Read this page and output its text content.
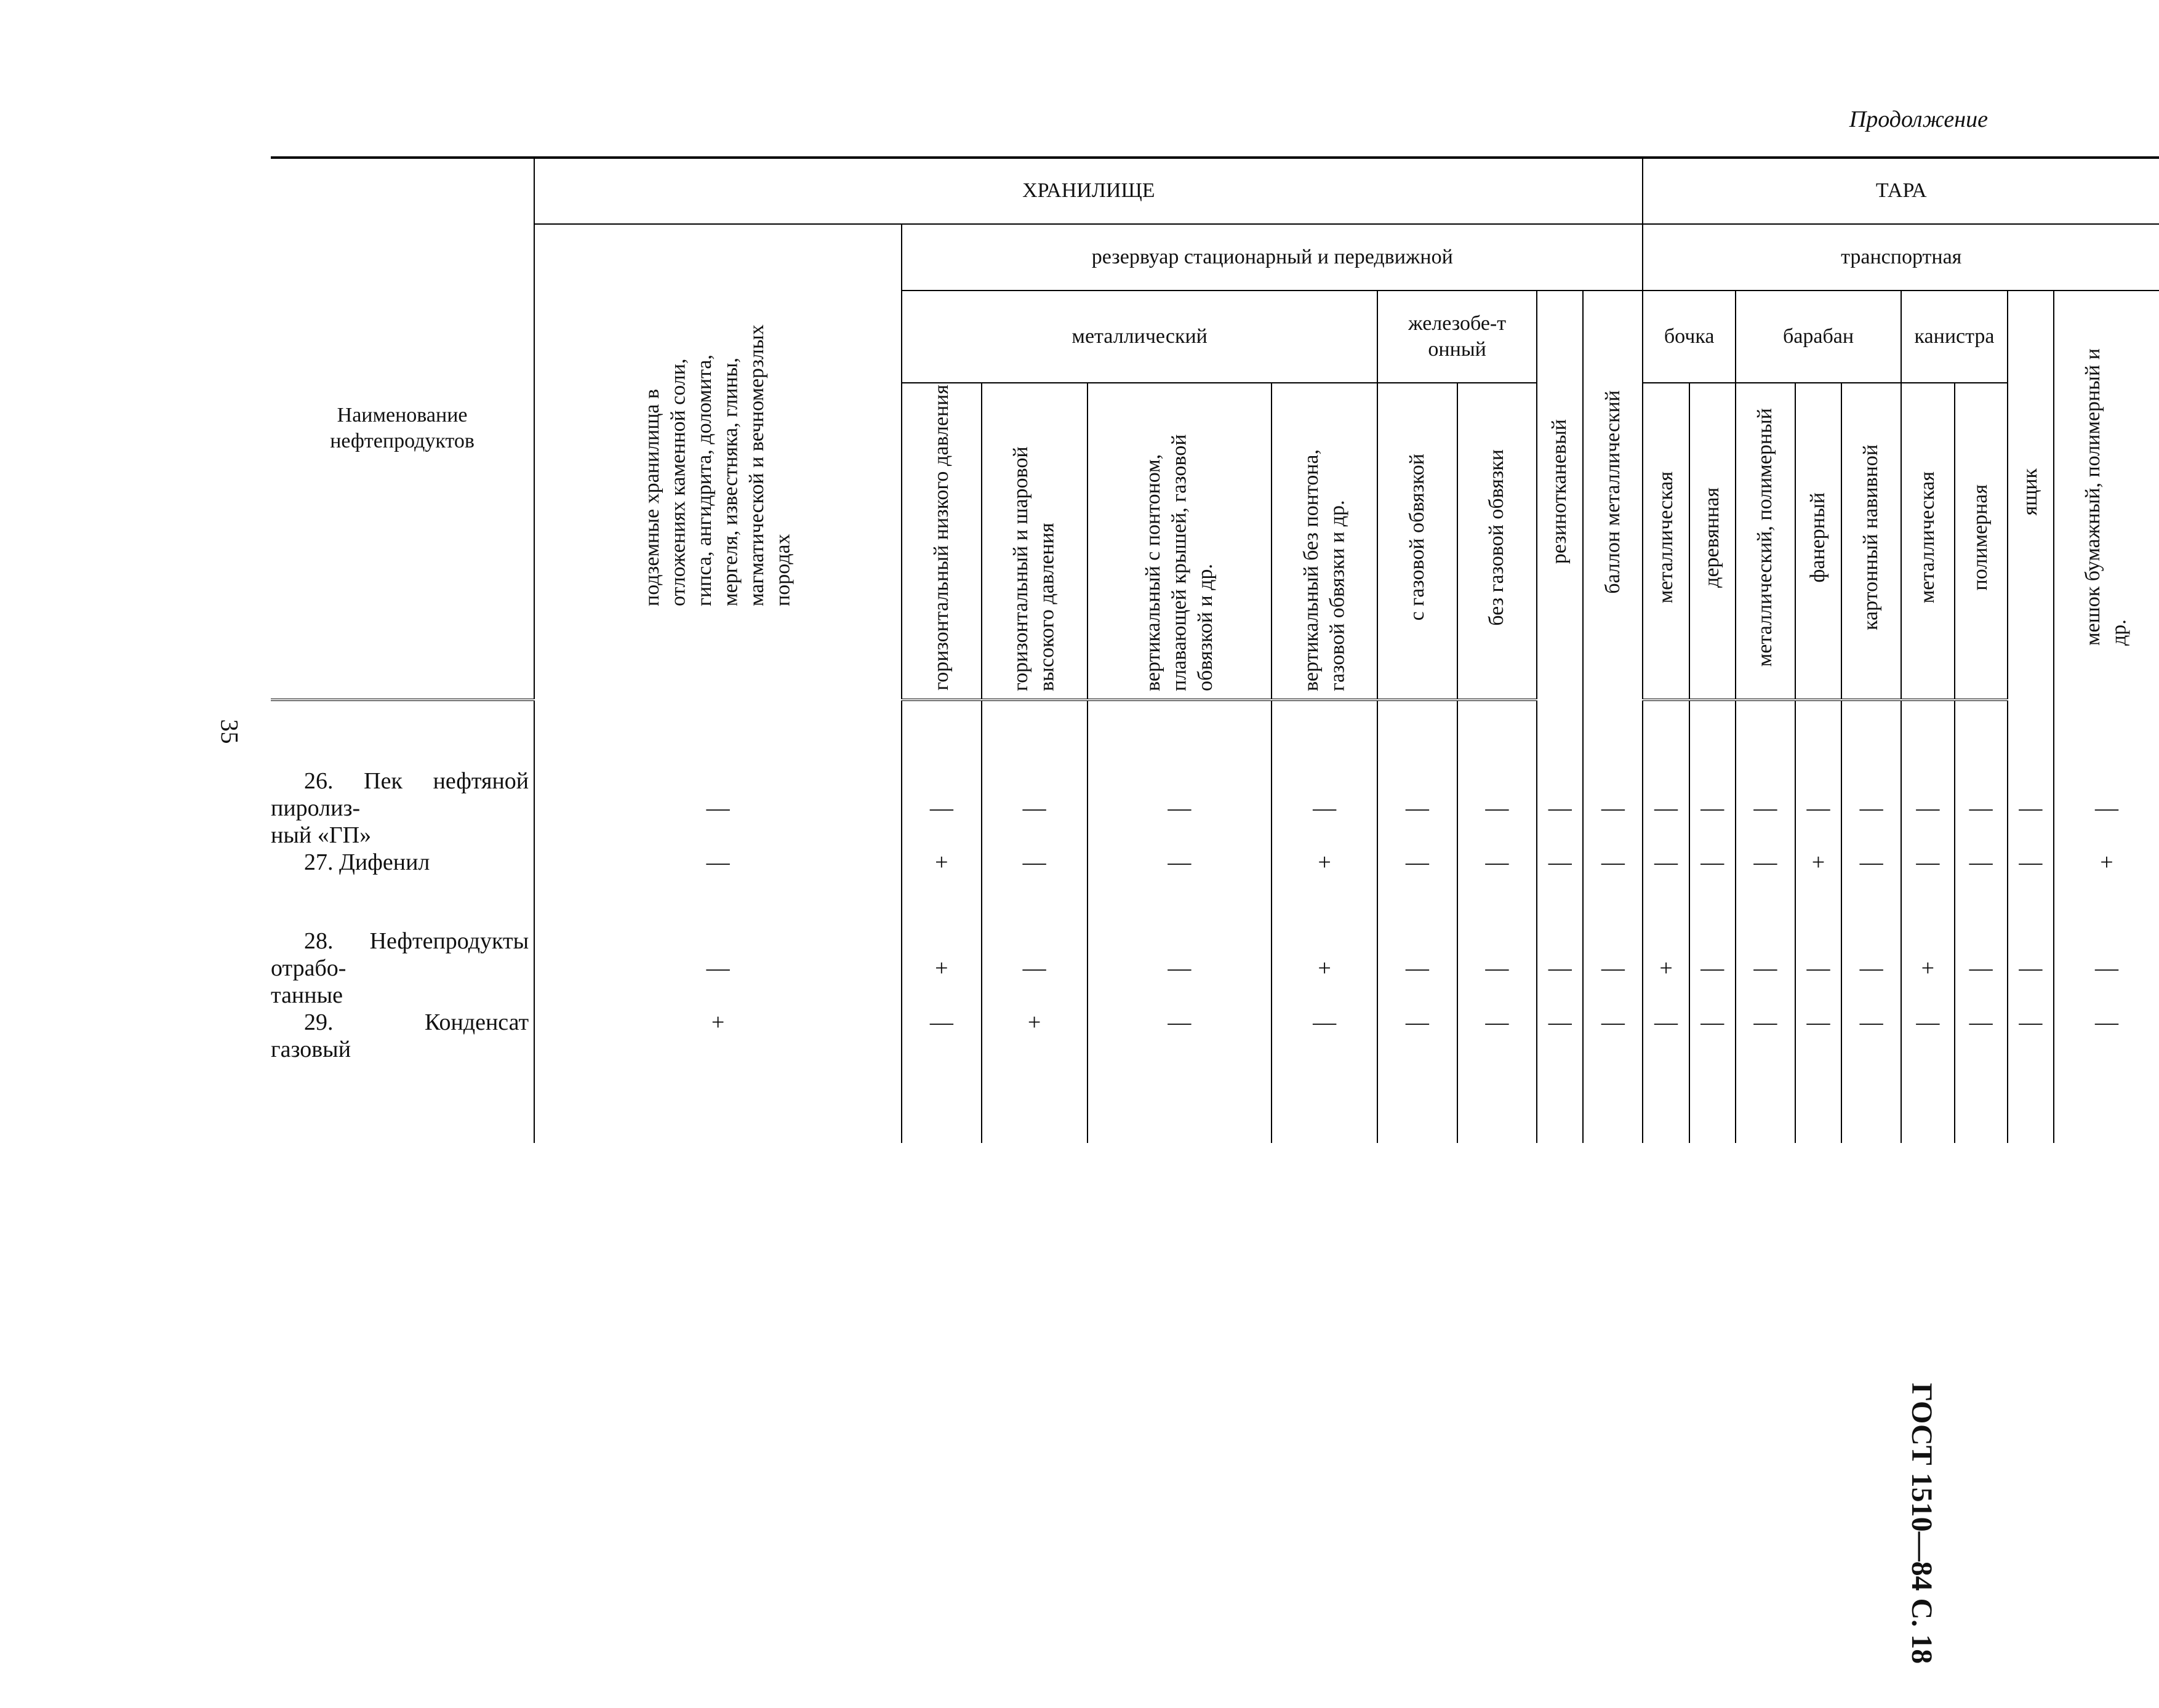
Продолжение
35
ГОСТ 1510—84 С. 18
Наименование нефтепродуктов	ХРАНИЛИЩЕ									ТАРА								
	подземные хранилища в отложениях каменной соли, гипса, ангидрита, доломита, мергеля, известняка, глины, магматической и вечномерзлых породах	резервуар стационарный и передвижной								транспортная								
		металлический				железобе-тонный		резинотканевый	баллон металлический	бочка		барабан			канистра		ящик	мешок бумажный, полимерный и др.
		горизонтальный низкого давления	горизонтальный и шаровой высокого давления	вертикальный с понтоном, плавающей крышей, газовой обвязкой и др.	вертикальный без понтона, газовой обвязки и др.	с газовой обвязкой	без газовой обвязки			металлическая	деревянная	металлический, полимерный	фанерный	картонный навивной	металлическая	полимерная		

26. Пек нефтяной пиролиз-
ный «ГП»	—	—	—	—	—	—	—	—	—	—	—	—	—	—	—	—	—	—

27. Дифенил	—	+	—	—	+	—	—	—	—	—	—	—	+	—	—	—	—	+

28. Нефтепродукты отрабо-
танные	—	+	—	—	+	—	—	—	—	+	—	—	—	—	+	—	—	—

29. Конденсат газовый	+	—	+	—	—	—	—	—	—	—	—	—	—	—	—	—	—	—
